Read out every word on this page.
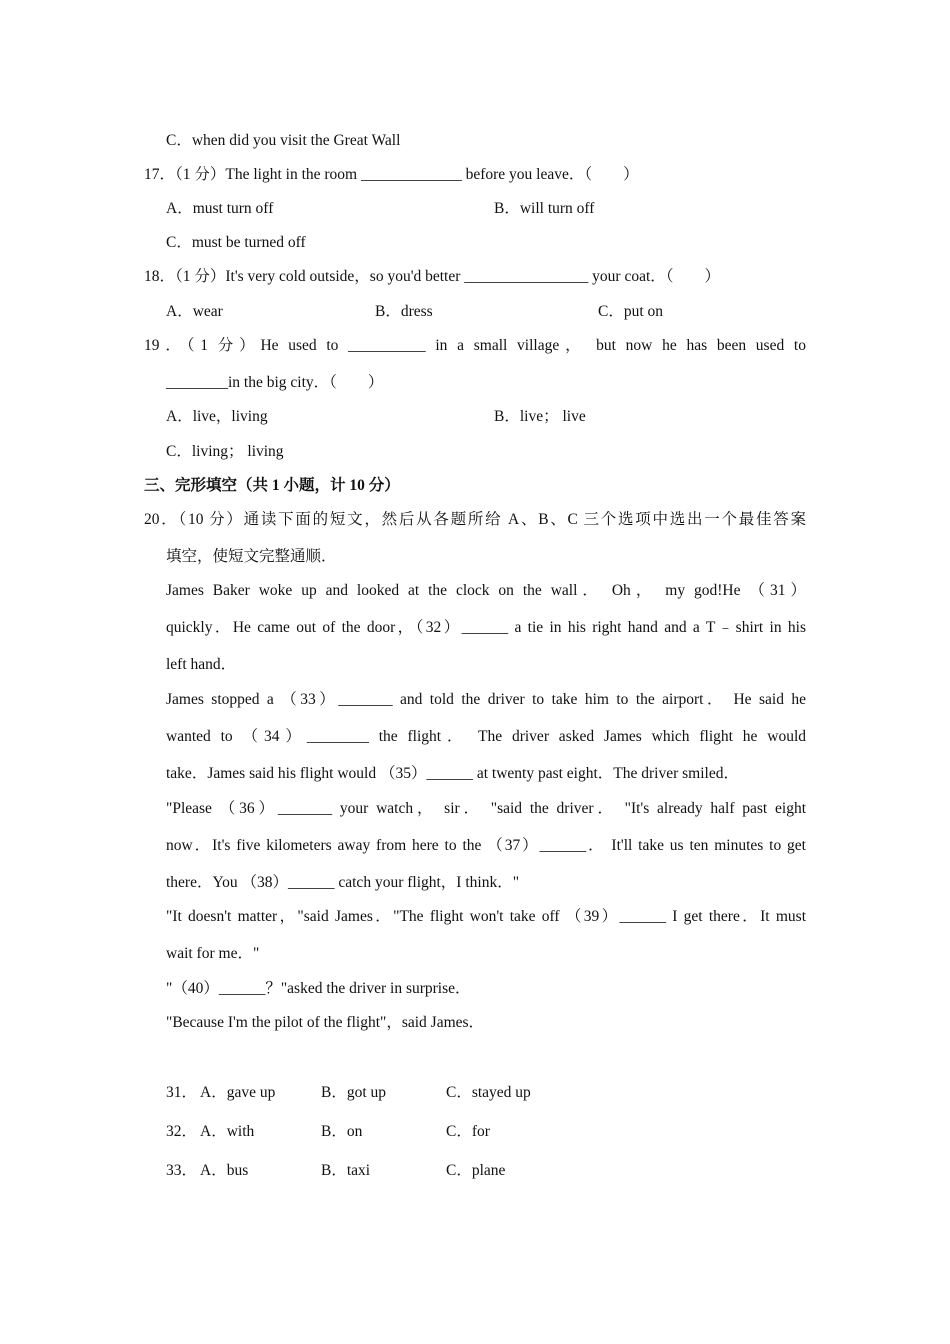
C．when did you visit the Great Wall
17．（1 分）The light in the room _____________ before you leave．（　　）
A．must turn off	B．will turn off
C．must be turned off
18．（1 分）It's very cold outside，so you'd better ________________ your coat．（　　）
A．wear	B．dress	C．put on
19．（1 分）He used to __________ in a small village， but now he has been used to
________in the big city．（　　）
A．live，living	B．live； live
C．living； living
三、完形填空（共 1 小题，计 10 分）
20．（10 分）通读下面的短文，然后从各题所给 A、B、C 三个选项中选出一个最佳答案
填空，使短文完整通顺．
James Baker woke up and looked at the clock on the wall． Oh， my god!He （31）
quickly．He came out of the door，（32）______ a tie in his right hand and a T﹣shirt in his
left hand．
James stopped a （33）_______ and told the driver to take him to the airport． He said he
wanted to （34）________ the flight． The driver asked James which flight he would
take．James said his flight would （35）______ at twenty past eight．The driver smiled．
"Please （36）_______ your watch， sir． "said the driver． "It's already half past eight
now．It's five kilometers away from here to the （37）______． It'll take us ten minutes to get
there．You （38）______ catch your flight，I think．"
"It doesn't matter，"said James．"The flight won't take off （39）______ I get there．It must
wait for me．"
"（40）______？"asked the driver in surprise．
"Because I'm the pilot of the flight"，said James．
31． A．gave up	B．got up	C．stayed up
32． A．with	B．on	C．for
33． A．bus	B．taxi	C．plane
